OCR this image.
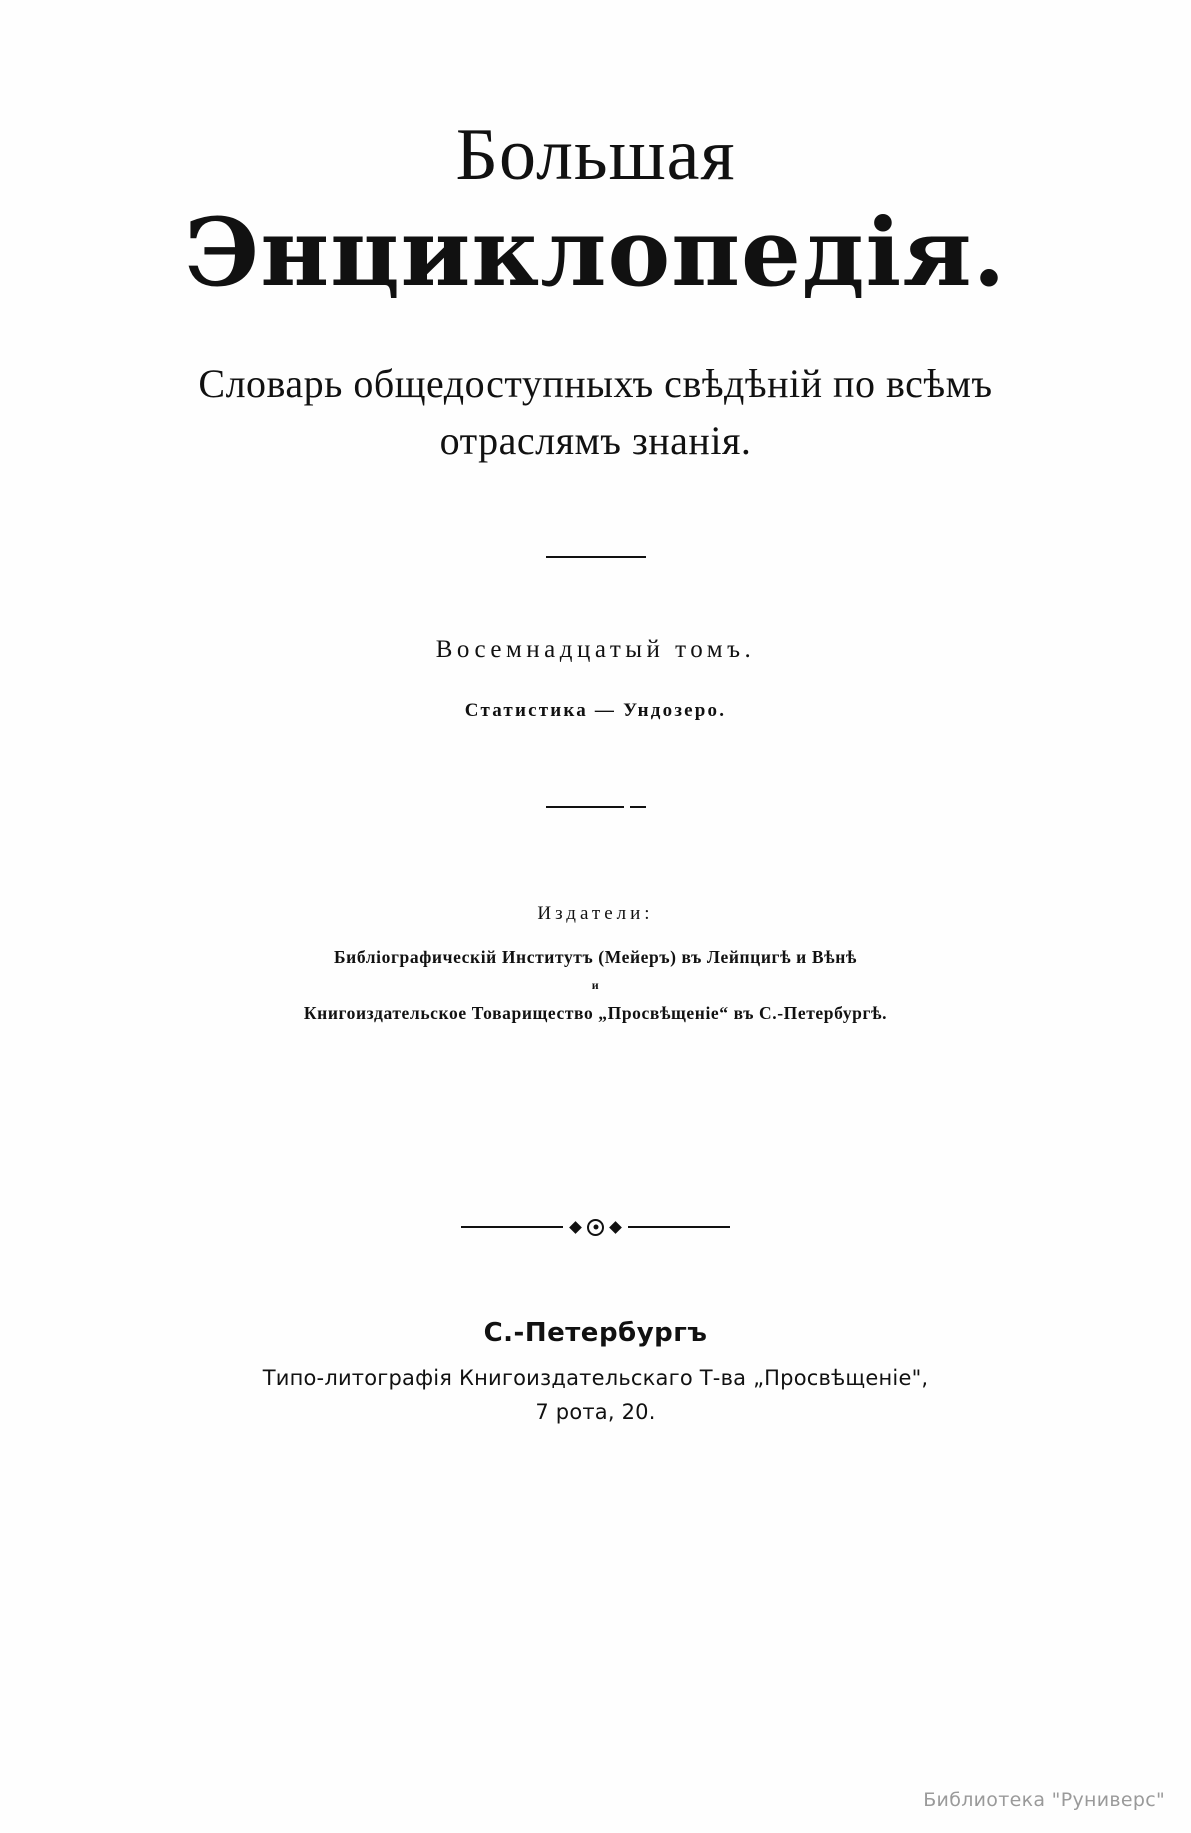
Большая
Энциклопедія.
Словарь общедоступныхъ свѣдѣній по всѣмъ отраслямъ знанія.
Восемнадцатый томъ.
Статистика — Ундозеро.
Издатели:
Библіографическій Институтъ (Мейеръ) въ Лейпцигѣ и Вѣнѣ
и
Книгоиздательское Товарищество „Просвѣщеніе“ въ С.-Петербургѣ.
С.-Петербургъ
Типо-литографія Книгоиздательскаго Т-ва „Просвѣщеніе",
7 рота, 20.
Библиотека "Руниверс"
